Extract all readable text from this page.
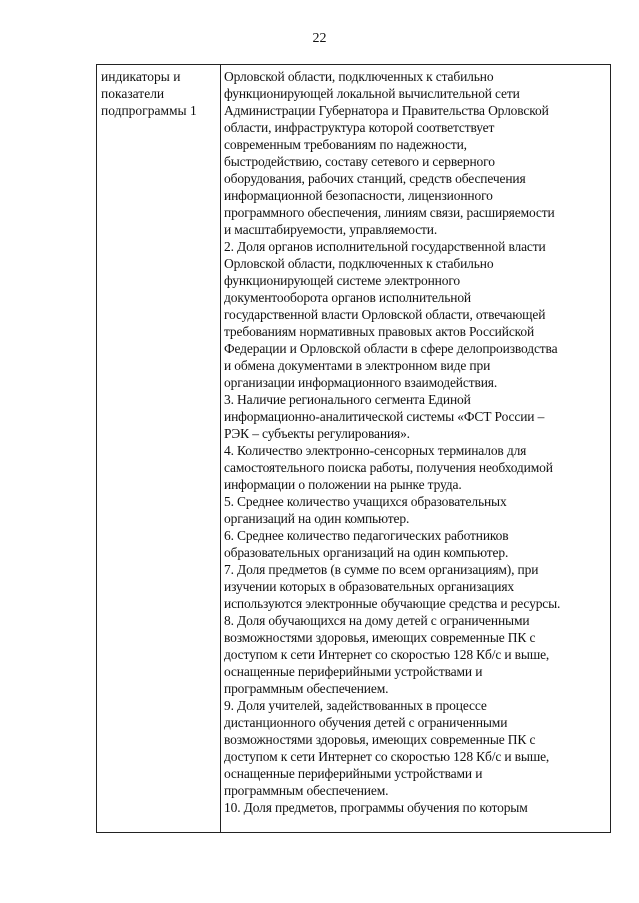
22
индикаторы и
показатели
подпрограммы 1
Орловской области, подключенных к стабильно
функционирующей локальной вычислительной сети
Администрации Губернатора и Правительства Орловской
области, инфраструктура которой соответствует
современным требованиям по надежности,
быстродействию, составу сетевого и серверного
оборудования, рабочих станций, средств обеспечения
информационной безопасности, лицензионного
программного обеспечения, линиям связи, расширяемости
и масштабируемости, управляемости.
2. Доля органов исполнительной государственной власти
Орловской области, подключенных к стабильно
функционирующей системе электронного
документооборота органов исполнительной
государственной власти Орловской области, отвечающей
требованиям нормативных правовых актов Российской
Федерации и Орловской области в сфере делопроизводства
и обмена документами в электронном виде при
организации информационного взаимодействия.
3. Наличие регионального сегмента Единой
информационно-аналитической системы «ФСТ России –
РЭК – субъекты регулирования».
4. Количество электронно-сенсорных терминалов для
самостоятельного поиска работы, получения необходимой
информации о положении на рынке труда.
5. Среднее количество учащихся образовательных
организаций на один компьютер.
6. Среднее количество педагогических работников
образовательных организаций на один компьютер.
7. Доля предметов (в сумме по всем организациям), при
изучении которых в образовательных организациях
используются электронные обучающие средства и ресурсы.
8. Доля обучающихся на дому детей с ограниченными
возможностями здоровья, имеющих современные ПК с
доступом к сети Интернет со скоростью 128 Кб/с и выше,
оснащенные периферийными устройствами и
программным обеспечением.
9. Доля учителей, задействованных в процессе
дистанционного обучения детей с ограниченными
возможностями здоровья, имеющих современные ПК с
доступом к сети Интернет со скоростью 128 Кб/с и выше,
оснащенные периферийными устройствами и
программным обеспечением.
10. Доля предметов, программы обучения по которым
